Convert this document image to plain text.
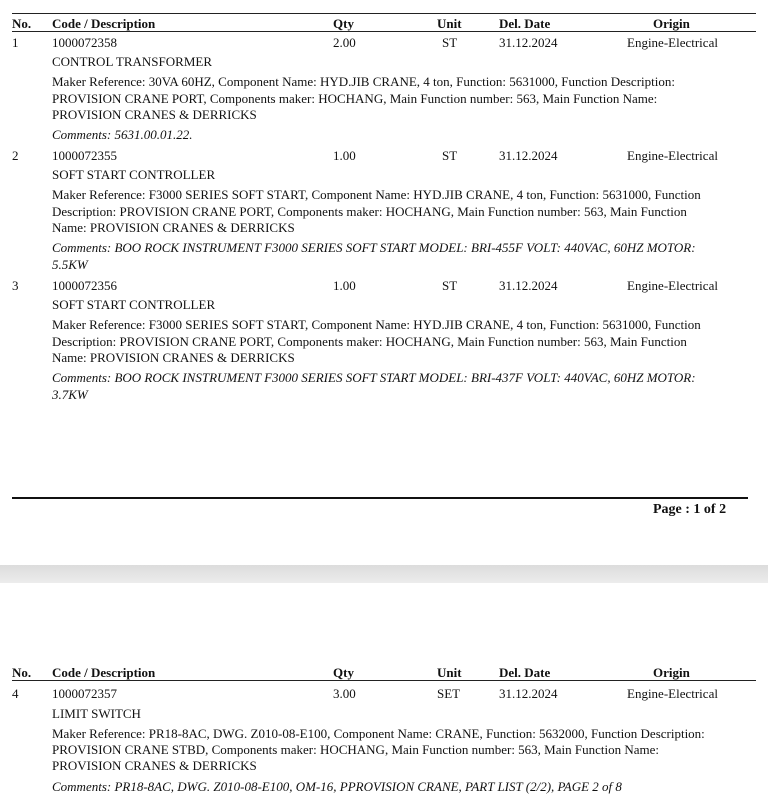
No. Code / Description	Qty	Unit	Del. Date	Origin
1	1000072358	2.00	ST	31.12.2024	Engine-Electrical
CONTROL TRANSFORMER
Maker Reference: 30VA 60HZ, Component Name: HYD.JIB CRANE, 4 ton, Function: 5631000, Function Description:
PROVISION CRANE PORT, Components maker: HOCHANG, Main Function number: 563, Main Function Name:
PROVISION CRANES & DERRICKS
Comments: 5631.00.01.22.
2	1000072355	1.00	ST	31.12.2024	Engine-Electrical
SOFT START CONTROLLER
Maker Reference: F3000 SERIES SOFT START, Component Name: HYD.JIB CRANE, 4 ton, Function: 5631000, Function
Description: PROVISION CRANE PORT, Components maker: HOCHANG, Main Function number: 563, Main Function
Name: PROVISION CRANES & DERRICKS
Comments: BOO ROCK INSTRUMENT F3000 SERIES SOFT START MODEL: BRI-455F VOLT: 440VAC, 60HZ MOTOR:
5.5KW
3	1000072356	1.00	ST	31.12.2024	Engine-Electrical
SOFT START CONTROLLER
Maker Reference: F3000 SERIES SOFT START, Component Name: HYD.JIB CRANE, 4 ton, Function: 5631000, Function
Description: PROVISION CRANE PORT, Components maker: HOCHANG, Main Function number: 563, Main Function
Name: PROVISION CRANES & DERRICKS
Comments: BOO ROCK INSTRUMENT F3000 SERIES SOFT START MODEL: BRI-437F VOLT: 440VAC, 60HZ MOTOR:
3.7KW
Page : 1 of 2
No. Code / Description	Qty	Unit	Del. Date	Origin
4	1000072357	3.00	SET	31.12.2024	Engine-Electrical
LIMIT SWITCH
Maker Reference: PR18-8AC, DWG. Z010-08-E100, Component Name: CRANE, Function: 5632000, Function Description:
PROVISION CRANE STBD, Components maker: HOCHANG, Main Function number: 563, Main Function Name:
PROVISION CRANES & DERRICKS
Comments: PR18-8AC, DWG. Z010-08-E100, OM-16, PPROVISION CRANE, PART LIST (2/2), PAGE 2 of 8
